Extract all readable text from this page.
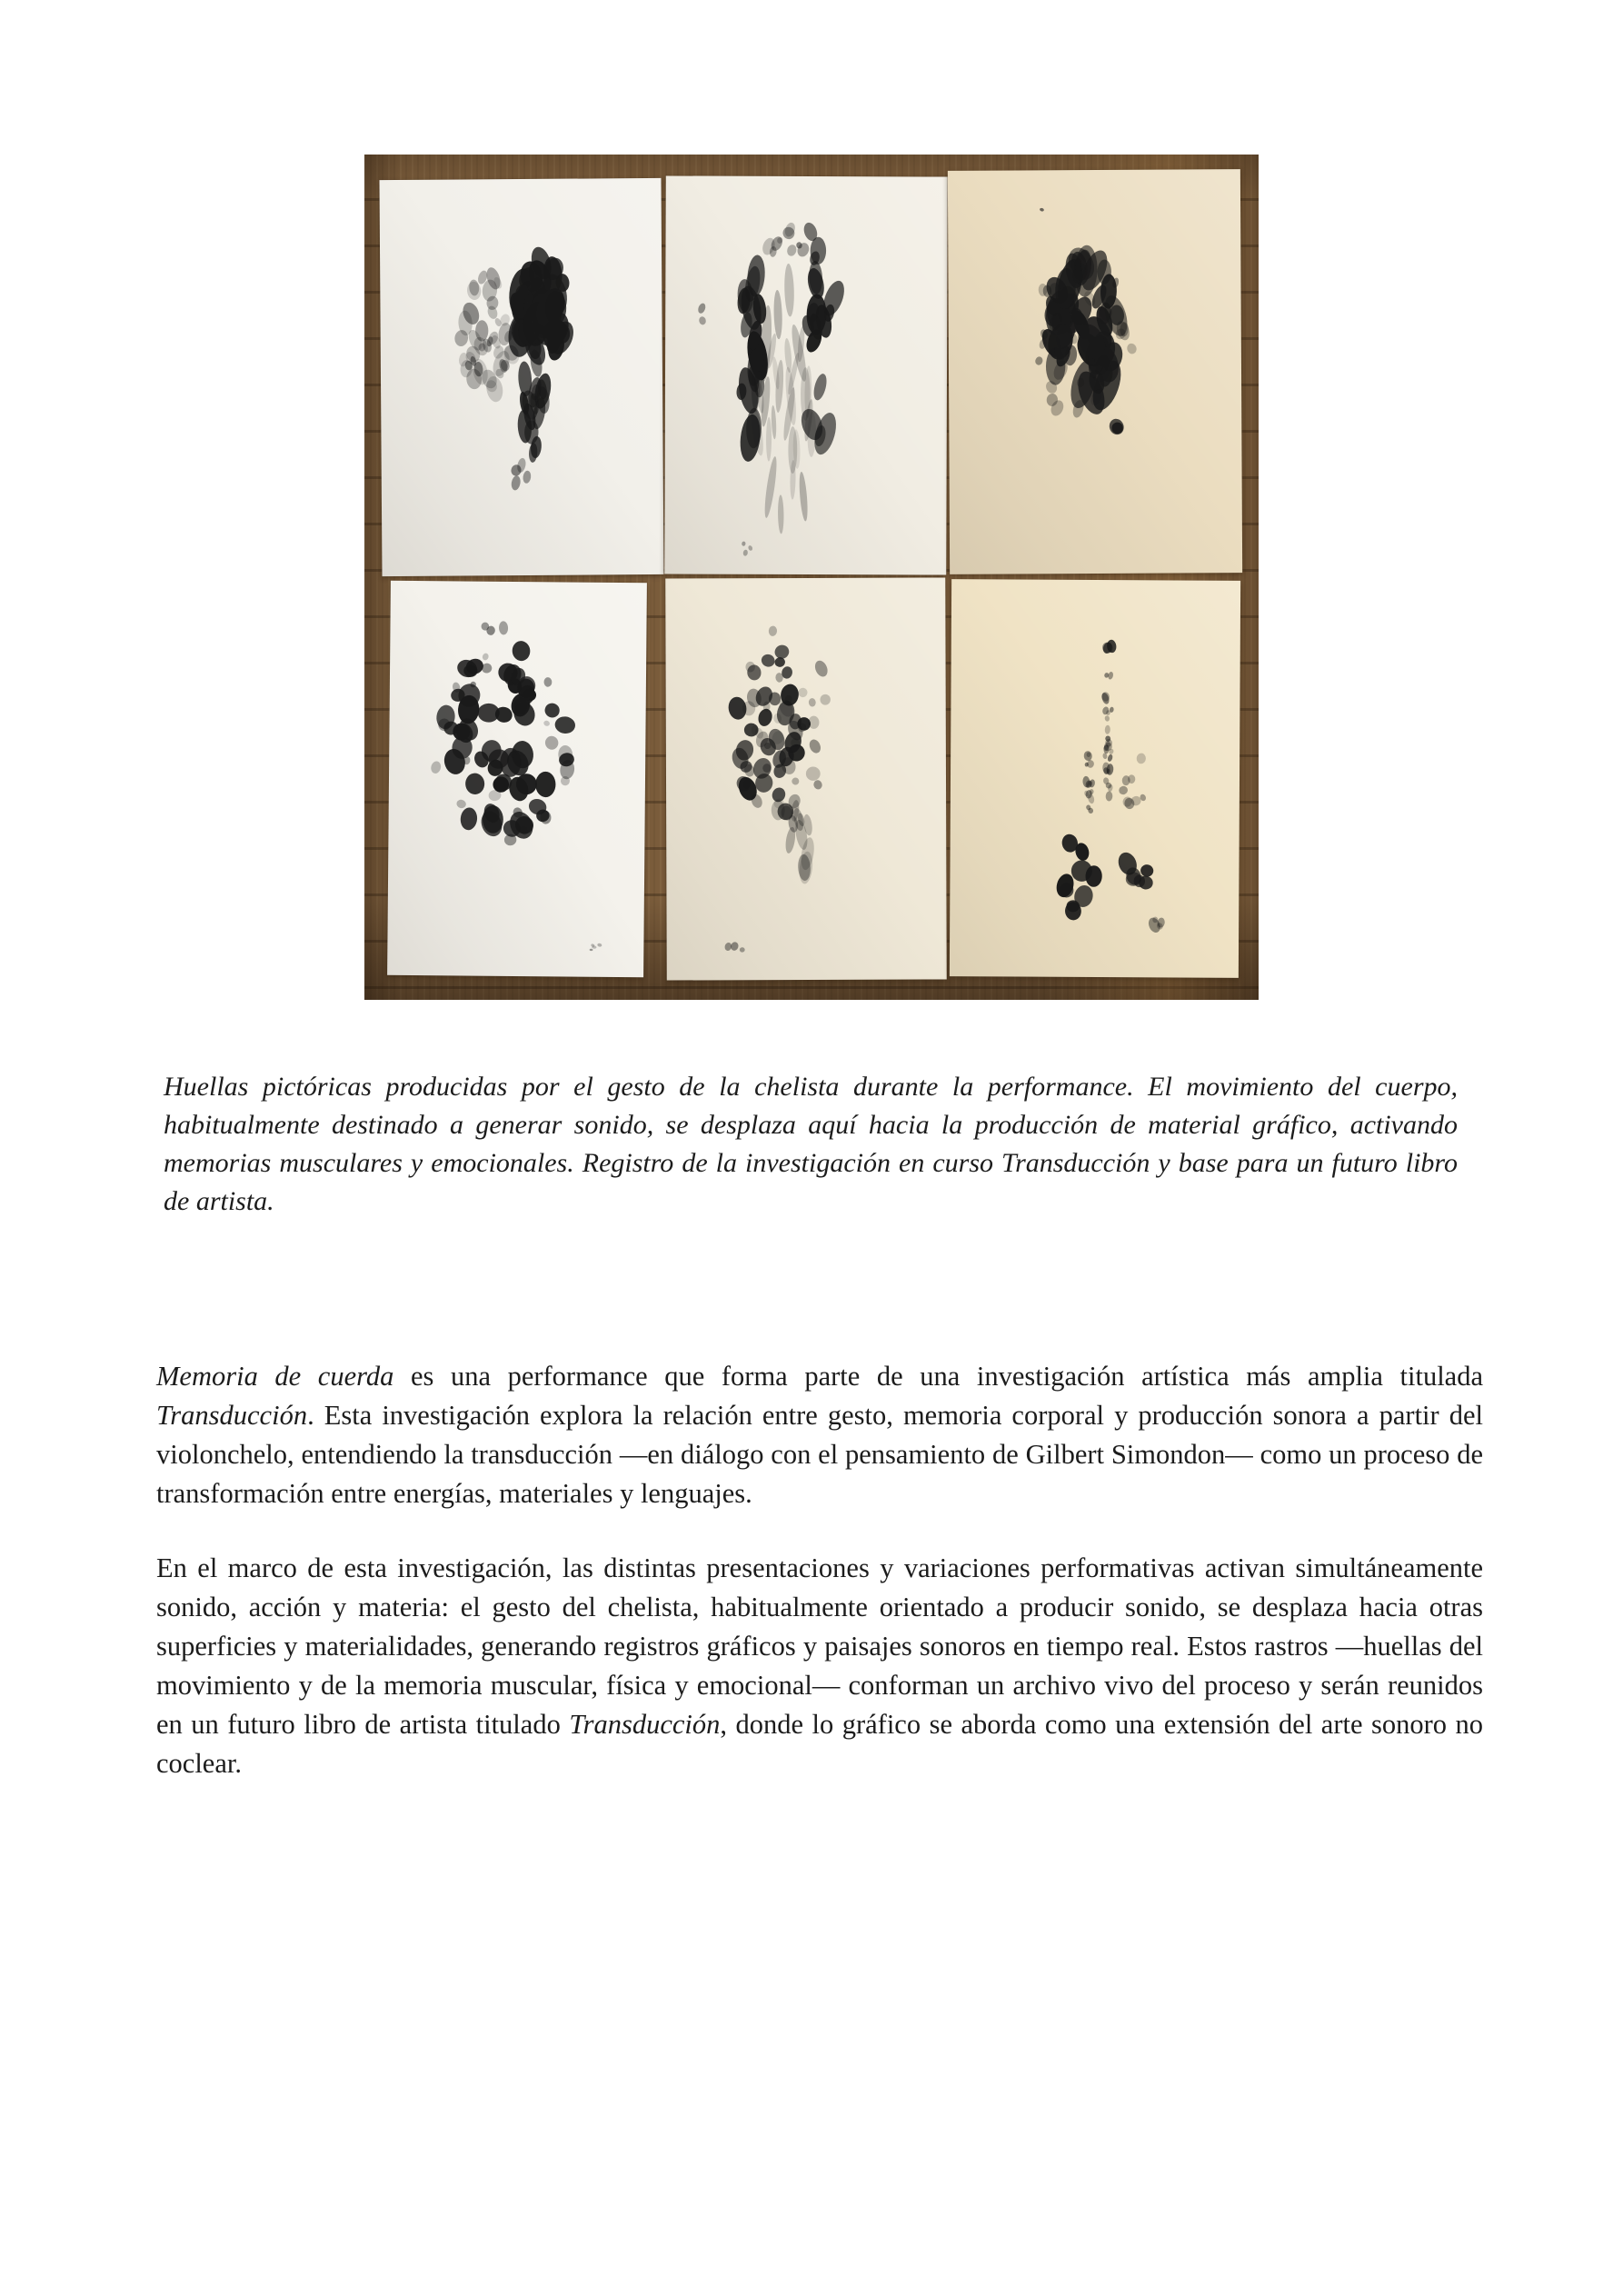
Huellas pictóricas producidas por el gesto de la chelista durante la performance. El movimiento del cuerpo, habitualmente destinado a generar sonido, se desplaza aquí hacia la producción de material gráfico, activando memorias musculares y emocionales. Registro de la investigación en curso Transducción y base para un futuro libro de artista.

Memoria de cuerda es una performance que forma parte de una investigación artística más amplia titulada Transducción. Esta investigación explora la relación entre gesto, memoria corporal y producción sonora a partir del violonchelo, entendiendo la transducción —en diálogo con el pensamiento de Gilbert Simondon— como un proceso de transformación entre energías, materiales y lenguajes.

En el marco de esta investigación, las distintas presentaciones y variaciones performativas activan simultáneamente sonido, acción y materia: el gesto del chelista, habitualmente orientado a producir sonido, se desplaza hacia otras superficies y materialidades, generando registros gráficos y paisajes sonoros en tiempo real. Estos rastros —huellas del movimiento y de la memoria muscular, física y emocional— conforman un archivo vivo del proceso y serán reunidos en un futuro libro de artista titulado Transducción, donde lo gráfico se aborda como una extensión del arte sonoro no coclear.
